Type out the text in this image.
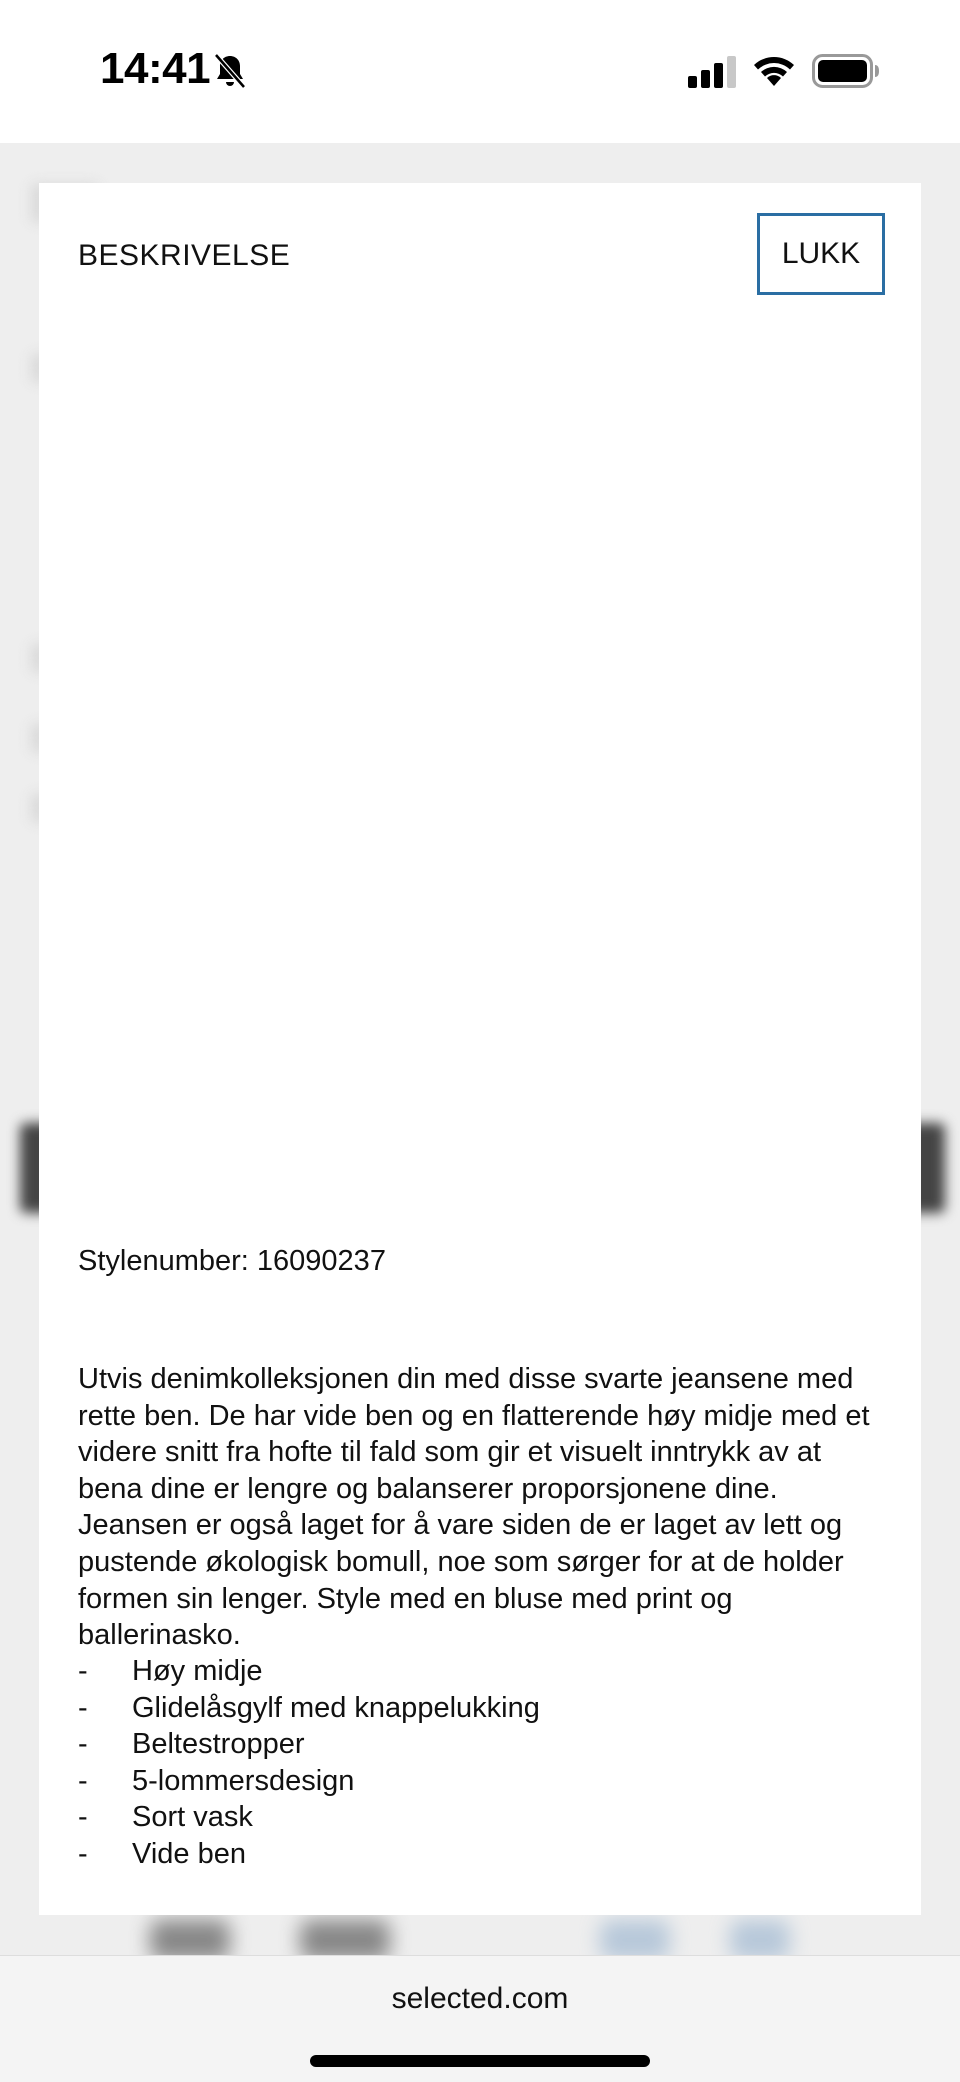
14:41
BESKRIVELSE	LUKK
Stylenumber: 16090237

Utvis denimkolleksjonen din med disse svarte jeansene med rette ben. De har vide ben og en flatterende høy midje med et videre snitt fra hofte til fald som gir et visuelt inntrykk av at bena dine er lengre og balanserer proporsjonene dine. Jeansen er også laget for å vare siden de er laget av lett og pustende økologisk bomull, noe som sørger for at de holder formen sin lenger. Style med en bluse med print og ballerinasko.

-	Høy midje
-	Glidelåsgylf med knappelukking
-	Beltestropper
-	5-lommersdesign
-	Sort vask
-	Vide ben
selected.com
